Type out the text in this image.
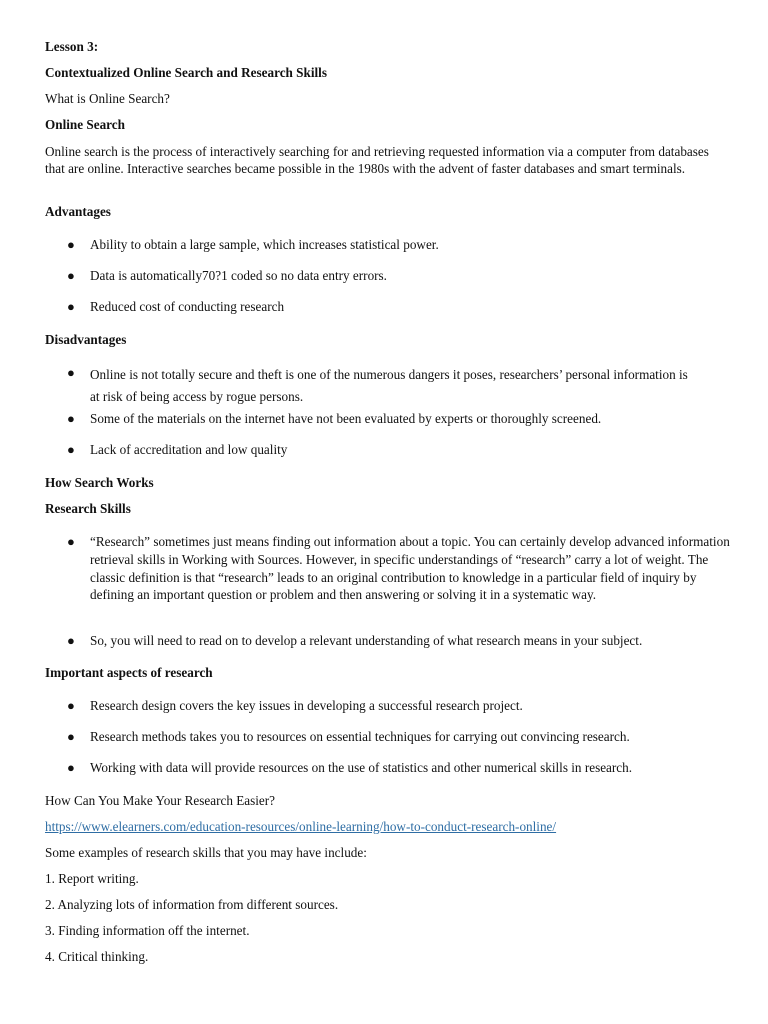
Lesson 3:
Contextualized Online Search and Research Skills
What is Online Search?
Online Search
Online search is the process of interactively searching for and retrieving requested information via a computer from databases that are online. Interactive searches became possible in the 1980s with the advent of faster databases and smart terminals.
Advantages
●	Ability to obtain a large sample, which increases statistical power.
●	Data is automatically70?1 coded so no data entry errors.
●	Reduced cost of conducting research
Disadvantages
●	Online is not totally secure and theft is one of the numerous dangers it poses, researchers’ personal information is at risk of being access by rogue persons.
●	Some of the materials on the internet have not been evaluated by experts or thoroughly screened.
●	Lack of accreditation and low quality
How Search Works
Research Skills
●	“Research” sometimes just means finding out information about a topic. You can certainly develop advanced information retrieval skills in Working with Sources. However, in specific understandings of “research” carry a lot of weight. The classic definition is that “research” leads to an original contribution to knowledge in a particular field of inquiry by defining an important question or problem and then answering or solving it in a systematic way.
●	So, you will need to read on to develop a relevant understanding of what research means in your subject.
Important aspects of research
●	Research design covers the key issues in developing a successful research project.
●	Research methods takes you to resources on essential techniques for carrying out convincing research.
●	Working with data will provide resources on the use of statistics and other numerical skills in research.
How Can You Make Your Research Easier?
https://www.elearners.com/education-resources/online-learning/how-to-conduct-research-online/
Some examples of research skills that you may have include:
1. Report writing.
2. Analyzing lots of information from different sources.
3. Finding information off the internet.
4. Critical thinking.
